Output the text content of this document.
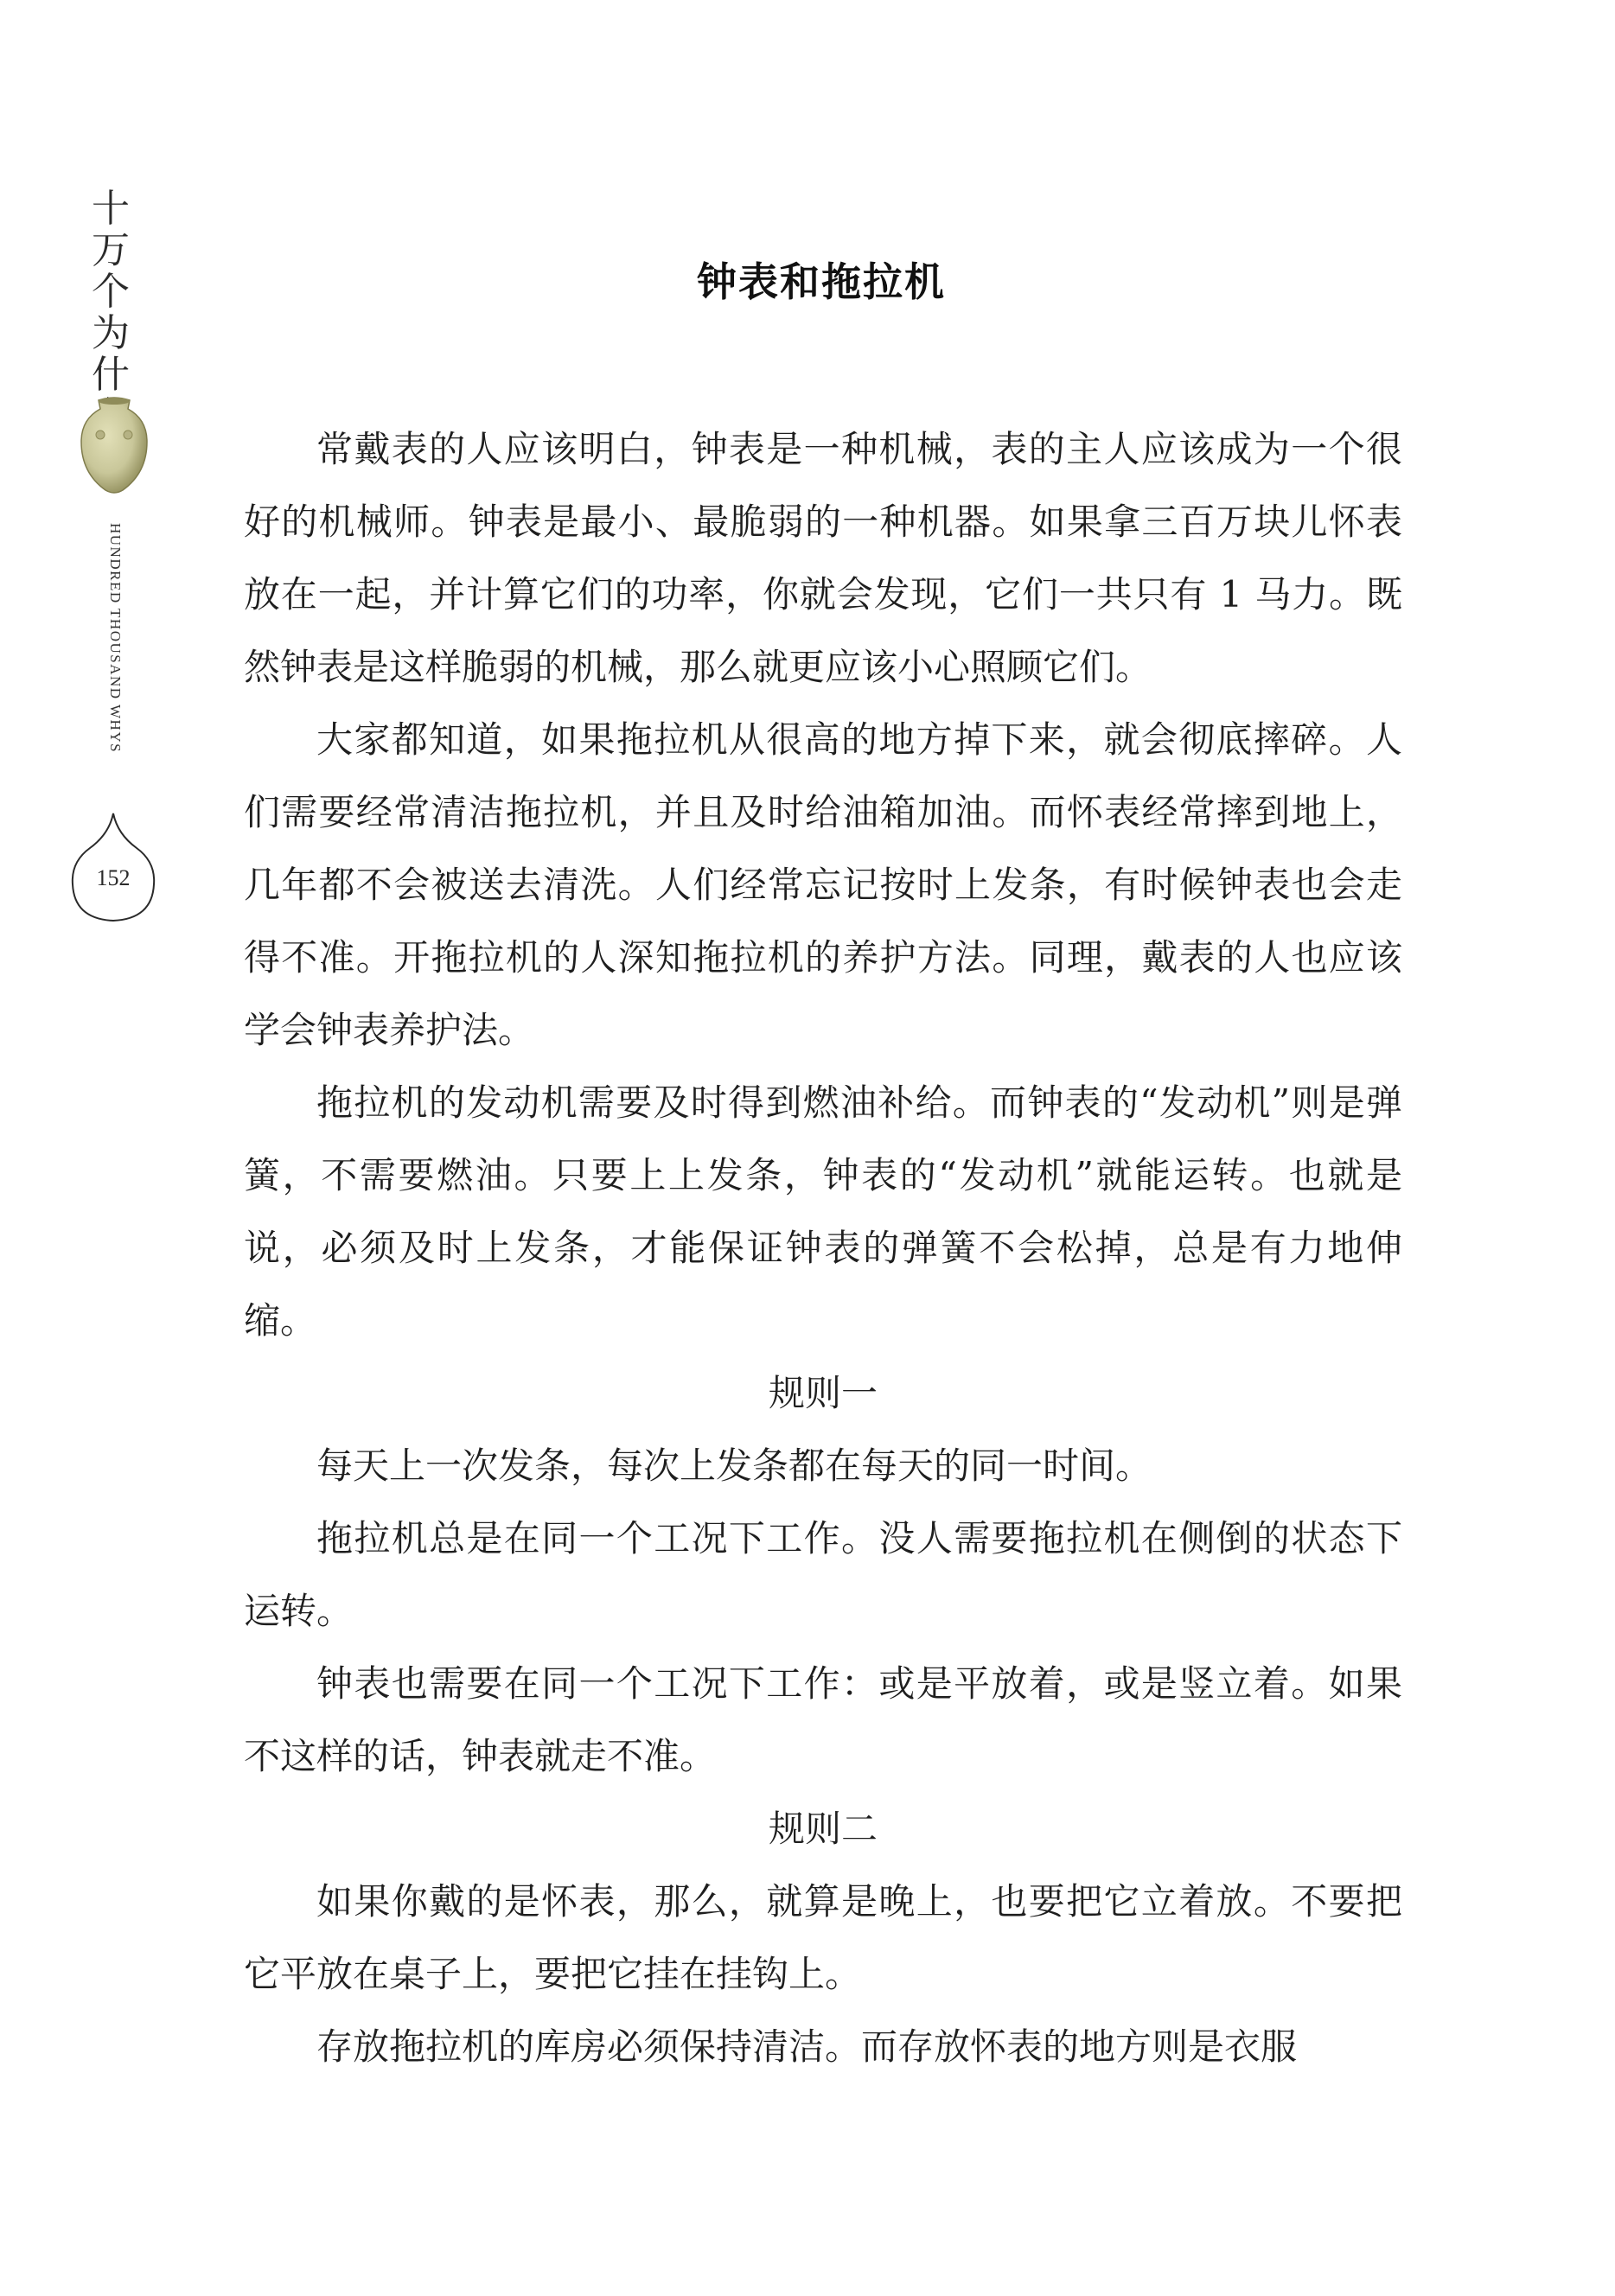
十
万
个
为
什
HUNDRED THOUSAND WHYS
152
钟表和拖拉机

常戴表的人应该明白，钟表是一种机械，表的主人应该成为一个很好的机械师。钟表是最小、最脆弱的一种机器。如果拿三百万块儿怀表放在一起，并计算它们的功率，你就会发现，它们一共只有 1 马力。既然钟表是这样脆弱的机械，那么就更应该小心照顾它们。

大家都知道，如果拖拉机从很高的地方掉下来，就会彻底摔碎。人们需要经常清洁拖拉机，并且及时给油箱加油。而怀表经常摔到地上，几年都不会被送去清洗。人们经常忘记按时上发条，有时候钟表也会走得不准。开拖拉机的人深知拖拉机的养护方法。同理，戴表的人也应该学会钟表养护法。

拖拉机的发动机需要及时得到燃油补给。而钟表的“发动机”则是弹簧，不需要燃油。只要上上发条，钟表的“发动机”就能运转。也就是说，必须及时上发条，才能保证钟表的弹簧不会松掉，总是有力地伸缩。

规则一

每天上一次发条，每次上发条都在每天的同一时间。

拖拉机总是在同一个工况下工作。没人需要拖拉机在侧倒的状态下运转。

钟表也需要在同一个工况下工作：或是平放着，或是竖立着。如果不这样的话，钟表就走不准。

规则二

如果你戴的是怀表，那么，就算是晚上，也要把它立着放。不要把它平放在桌子上，要把它挂在挂钩上。

存放拖拉机的库房必须保持清洁。而存放怀表的地方则是衣服
